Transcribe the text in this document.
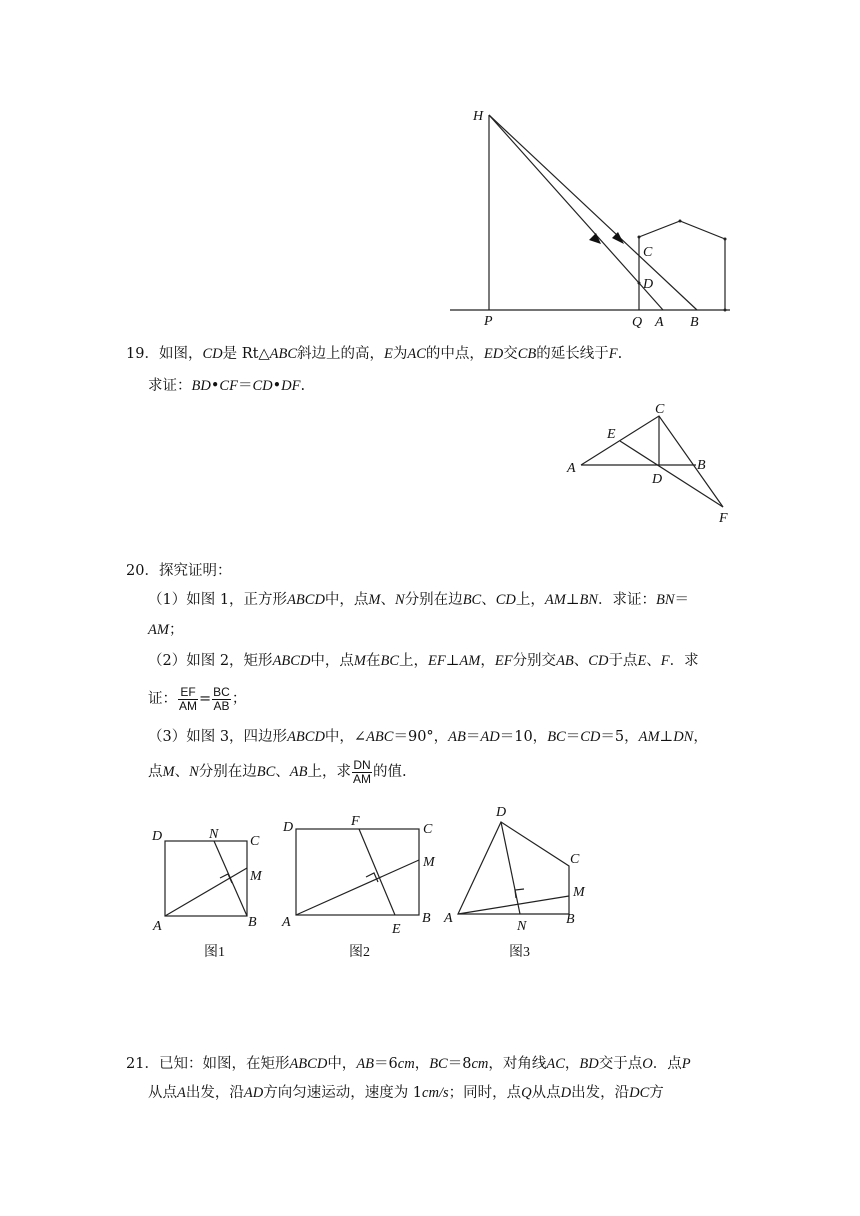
H
C
D
P	Q A B
19．如图，CD是 Rt△ABC斜边上的高，E为AC的中点，ED交CB的延长线于F.
求证：BD•CF＝CD•DF.
C
E
A
D
B
F
20．探究证明：
（1）如图 1，正方形ABCD中，点M、N分别在边BC、CD上，AM⊥BN．求证：BN＝
AM；
（2）如图 2，矩形ABCD中，点M在BC上，EF⊥AM，EF分别交AB、CD于点E、F．求
证： $\frac{EF}{AM} = \frac{BC}{AB}$ ；
（3）如图 3，四边形ABCD中，∠ABC＝90°，AB＝AD＝10，BC＝CD＝5，AM⊥DN，
点M、N分别在边BC、AB上，求 $\frac{DN}{AM}$ 的值.
D	N C
M
A	B
图1
D	F
C
M
A	E
B
图2
D
C
M
A
N	B
图3
21．已知：如图，在矩形ABCD中，AB＝6cm，BC＝8cm，对角线AC，BD交于点O．点P
从点A出发，沿AD方向匀速运动，速度为 1cm/s；同时，点Q从点D出发，沿DC方
